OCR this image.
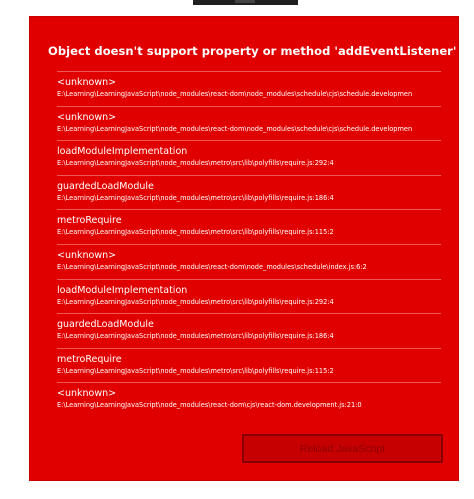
Object doesn't support property or method 'addEventListener'
<unknown>
E:\Learning\LearningJavaScript\node_modules\react-dom\node_modules\schedule\cjs\schedule.developmen
<unknown>
E:\Learning\LearningJavaScript\node_modules\react-dom\node_modules\schedule\cjs\schedule.developmen
loadModuleImplementation
E:\Learning\LearningJavaScript\node_modules\metro\src\lib\polyfills\require.js:292:4
guardedLoadModule
E:\Learning\LearningJavaScript\node_modules\metro\src\lib\polyfills\require.js:186:4
metroRequire
E:\Learning\LearningJavaScript\node_modules\metro\src\lib\polyfills\require.js:115:2
<unknown>
E:\Learning\LearningJavaScript\node_modules\react-dom\node_modules\schedule\index.js:6:2
loadModuleImplementation
E:\Learning\LearningJavaScript\node_modules\metro\src\lib\polyfills\require.js:292:4
guardedLoadModule
E:\Learning\LearningJavaScript\node_modules\metro\src\lib\polyfills\require.js:186:4
metroRequire
E:\Learning\LearningJavaScript\node_modules\metro\src\lib\polyfills\require.js:115:2
<unknown>
E:\Learning\LearningJavaScript\node_modules\react-dom\cjs\react-dom.development.js:21:0
Reload JavaScript
